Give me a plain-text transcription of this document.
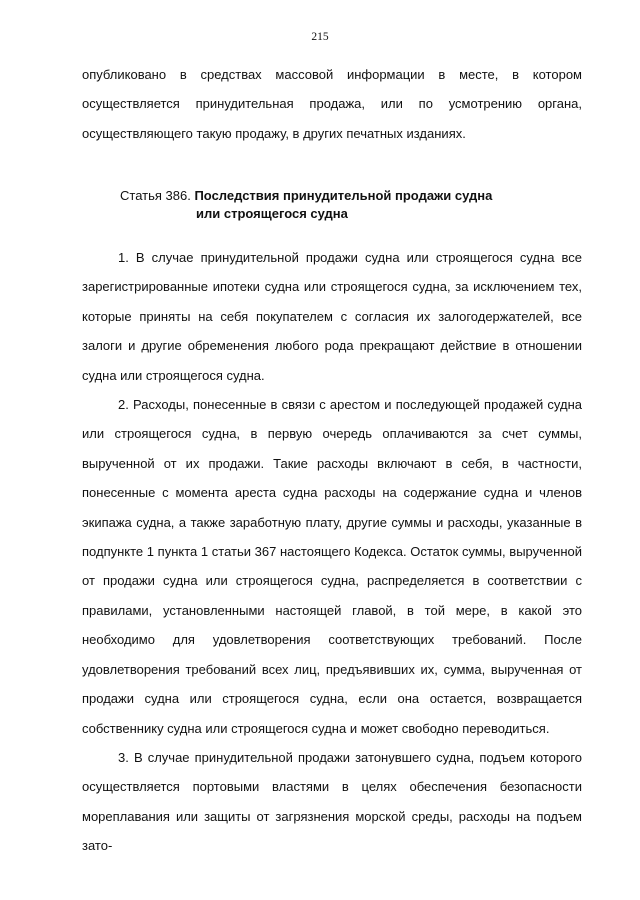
215

опубликовано в средствах массовой информации в месте, в котором осуществляется принудительная продажа, или по усмотрению органа, осуществляющего такую продажу, в других печатных изданиях.

Статья 386. Последствия принудительной продажи судна
или строящегося судна

1. В случае принудительной продажи судна или строящегося судна все зарегистрированные ипотеки судна или строящегося судна, за исключением тех, которые приняты на себя покупателем с согласия их залогодержателей, все залоги и другие обременения любого рода прекращают действие в отношении судна или строящегося судна.

2. Расходы, понесенные в связи с арестом и последующей продажей судна или строящегося судна, в первую очередь оплачиваются за счет суммы, вырученной от их продажи. Такие расходы включают в себя, в частности, понесенные с момента ареста судна расходы на содержание судна и членов экипажа судна, а также заработную плату, другие суммы и расходы, указанные в подпункте 1 пункта 1 статьи 367 настоящего Кодекса. Остаток суммы, вырученной от продажи судна или строящегося судна, распределяется в соответствии с правилами, установленными настоящей главой, в той мере, в какой это необходимо для удовлетворения соответствующих требований. После удовлетворения требований всех лиц, предъявивших их, сумма, вырученная от продажи судна или строящегося судна, если она остается, возвращается собственнику судна или строящегося судна и может свободно переводиться.

3. В случае принудительной продажи затонувшего судна, подъем которого осуществляется портовыми властями в целях обеспечения безопасности мореплавания или защиты от загрязнения морской среды, расходы на подъем зато-
